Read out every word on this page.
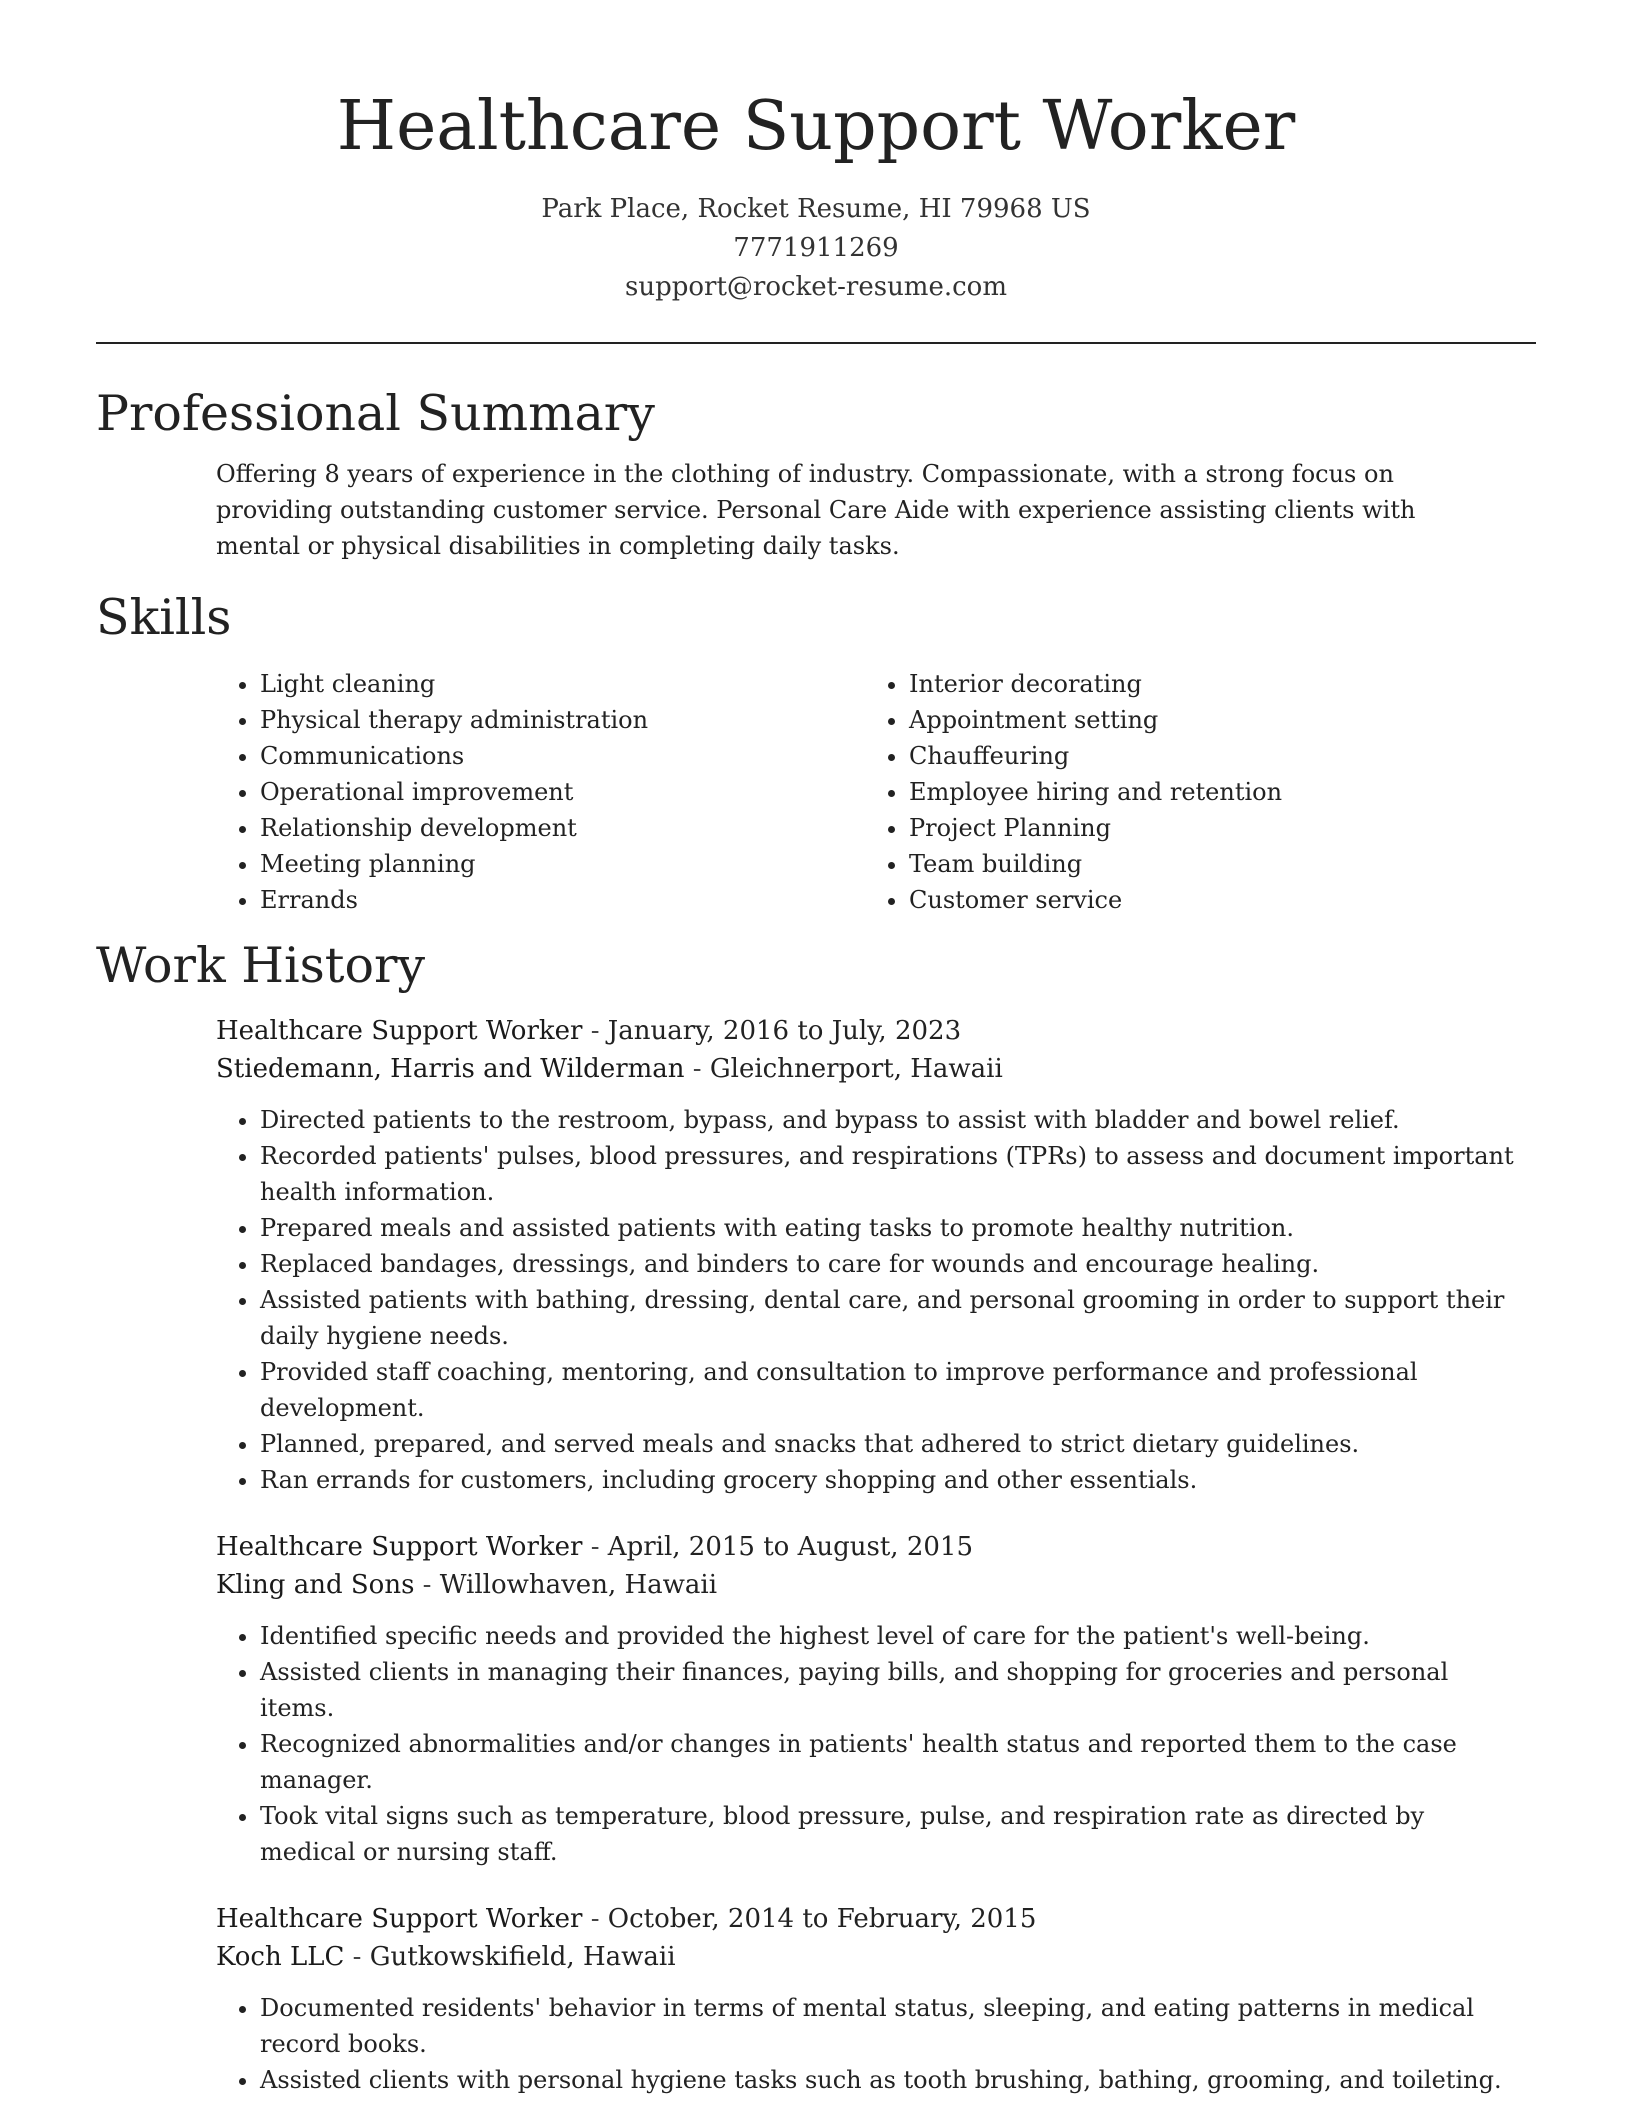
Healthcare Support Worker
Park Place, Rocket Resume, HI 79968 US
7771911269
support@rocket-resume.com
Professional Summary

Offering 8 years of experience in the clothing of industry. Compassionate, with a strong focus on providing outstanding customer service. Personal Care Aide with experience assisting clients with mental or physical disabilities in completing daily tasks.

Skills
• Light cleaning
• Physical therapy administration
• Communications
• Operational improvement
• Relationship development
• Meeting planning
• Errands
• Interior decorating
• Appointment setting
• Chauffeuring
• Employee hiring and retention
• Project Planning
• Team building
• Customer service
Work History
Healthcare Support Worker - January, 2016 to July, 2023
Stiedemann, Harris and Wilderman - Gleichnerport, Hawaii
• Directed patients to the restroom, bypass, and bypass to assist with bladder and bowel relief.
• Recorded patients' pulses, blood pressures, and respirations (TPRs) to assess and document important health information.
• Prepared meals and assisted patients with eating tasks to promote healthy nutrition.
• Replaced bandages, dressings, and binders to care for wounds and encourage healing.
• Assisted patients with bathing, dressing, dental care, and personal grooming in order to support their daily hygiene needs.
• Provided staff coaching, mentoring, and consultation to improve performance and professional development.
• Planned, prepared, and served meals and snacks that adhered to strict dietary guidelines.
• Ran errands for customers, including grocery shopping and other essentials.
Healthcare Support Worker - April, 2015 to August, 2015
Kling and Sons - Willowhaven, Hawaii
• Identified specific needs and provided the highest level of care for the patient's well-being.
• Assisted clients in managing their finances, paying bills, and shopping for groceries and personal items.
• Recognized abnormalities and/or changes in patients' health status and reported them to the case manager.
• Took vital signs such as temperature, blood pressure, pulse, and respiration rate as directed by medical or nursing staff.
Healthcare Support Worker - October, 2014 to February, 2015
Koch LLC - Gutkowskifield, Hawaii
• Documented residents' behavior in terms of mental status, sleeping, and eating patterns in medical record books.
• Assisted clients with personal hygiene tasks such as tooth brushing, bathing, grooming, and toileting.
